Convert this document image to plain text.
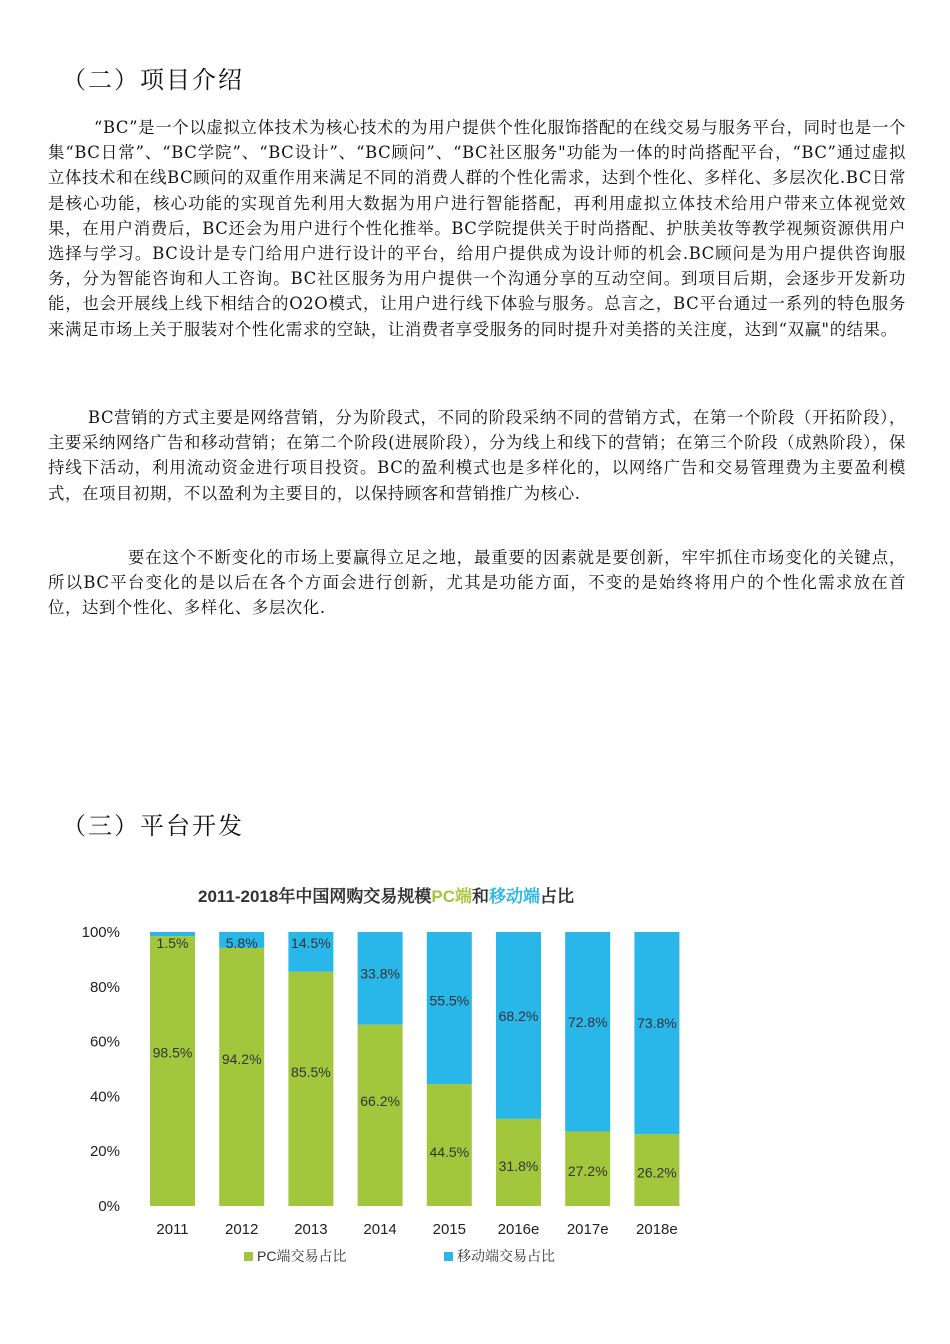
（二）项目介绍

“BC”是一个以虚拟立体技术为核心技术的为用户提供个性化服饰搭配的在线交易与服务平台，同时也是一个集“BC日常”、“BC学院”、“BC设计”、“BC顾问”、“BC社区服务"功能为一体的时尚搭配平台，“BC”通过虚拟立体技术和在线BC顾问的双重作用来满足不同的消费人群的个性化需求，达到个性化、多样化、多层次化.BC日常是核心功能，核心功能的实现首先利用大数据为用户进行智能搭配，再利用虚拟立体技术给用户带来立体视觉效果，在用户消费后，BC还会为用户进行个性化推举。BC学院提供关于时尚搭配、护肤美妆等教学视频资源供用户选择与学习。BC设计是专门给用户进行设计的平台，给用户提供成为设计师的机会.BC顾问是为用户提供咨询服务，分为智能咨询和人工咨询。BC社区服务为用户提供一个沟通分享的互动空间。到项目后期，会逐步开发新功能，也会开展线上线下相结合的O2O模式，让用户进行线下体验与服务。总言之，BC平台通过一系列的特色服务来满足市场上关于服装对个性化需求的空缺，让消费者享受服务的同时提升对美搭的关注度，达到“双赢"的结果。

BC营销的方式主要是网络营销，分为阶段式，不同的阶段采纳不同的营销方式，在第一个阶段（开拓阶段），主要采纳网络广告和移动营销；在第二个阶段(进展阶段），分为线上和线下的营销；在第三个阶段（成熟阶段），保持线下活动，利用流动资金进行项目投资。BC的盈利模式也是多样化的，以网络广告和交易管理费为主要盈利模式，在项目初期，不以盈利为主要目的，以保持顾客和营销推广为核心.

要在这个不断变化的市场上要赢得立足之地，最重要的因素就是要创新，牢牢抓住市场变化的关键点，所以BC平台变化的是以后在各个方面会进行创新，尤其是功能方面，不变的是始终将用户的个性化需求放在首位，达到个性化、多样化、多层次化.

（三）平台开发
2011-2018年中国网购交易规模PC端和移动端占比
0%
20%
40%
60%
80%
100%
1.5%
98.5%
2011
5.8%
94.2%
2012
14.5%
85.5%
2013
33.8%
66.2%
2014
55.5%
44.5%
2015
68.2%
31.8%
2016e
72.8%
27.2%
2017e
73.8%
26.2%
2018e
PC端交易占比	移动端交易占比
